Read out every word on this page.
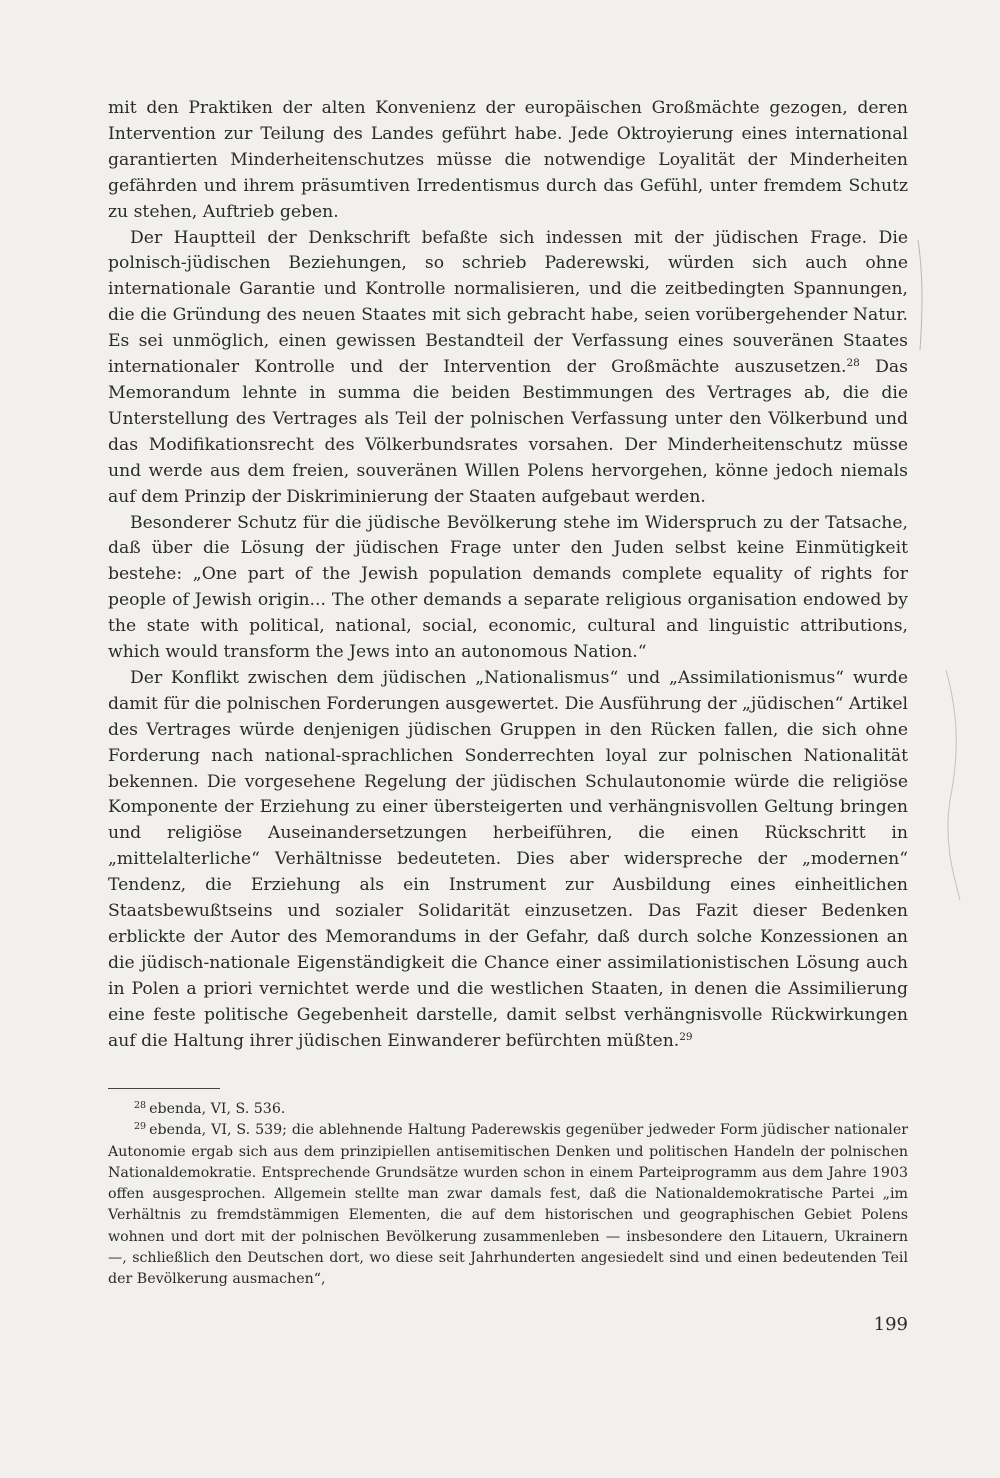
mit den Praktiken der alten Konvenienz der europäischen Großmächte gezogen, deren Intervention zur Teilung des Landes geführt habe. Jede Oktroyierung eines international garantierten Minderheitenschutzes müsse die notwendige Loyalität der Minderheiten gefährden und ihrem präsumtiven Irredentismus durch das Gefühl, unter fremdem Schutz zu stehen, Auftrieb geben.

Der Hauptteil der Denkschrift befaßte sich indessen mit der jüdischen Frage. Die polnisch-jüdischen Beziehungen, so schrieb Paderewski, würden sich auch ohne internationale Garantie und Kontrolle normalisieren, und die zeitbedingten Spannungen, die die Gründung des neuen Staates mit sich gebracht habe, seien vorübergehender Natur. Es sei unmöglich, einen gewissen Bestandteil der Verfassung eines souveränen Staates internationaler Kontrolle und der Intervention der Großmächte auszusetzen.$^{28}$ Das Memorandum lehnte in summa die beiden Bestimmungen des Vertrages ab, die die Unterstellung des Vertrages als Teil der polnischen Verfassung unter den Völkerbund und das Modifikationsrecht des Völkerbundsrates vorsahen. Der Minderheitenschutz müsse und werde aus dem freien, souveränen Willen Polens hervorgehen, könne jedoch niemals auf dem Prinzip der Diskriminierung der Staaten aufgebaut werden.

Besonderer Schutz für die jüdische Bevölkerung stehe im Widerspruch zu der Tatsache, daß über die Lösung der jüdischen Frage unter den Juden selbst keine Einmütigkeit bestehe: „One part of the Jewish population demands complete equality of rights for people of Jewish origin... The other demands a separate religious organisation endowed by the state with political, national, social, economic, cultural and linguistic attributions, which would transform the Jews into an autonomous Nation.“

Der Konflikt zwischen dem jüdischen „Nationalismus“ und „Assimilationismus“ wurde damit für die polnischen Forderungen ausgewertet. Die Ausführung der „jüdischen“ Artikel des Vertrages würde denjenigen jüdischen Gruppen in den Rücken fallen, die sich ohne Forderung nach national-sprachlichen Sonderrechten loyal zur polnischen Nationalität bekennen. Die vorgesehene Regelung der jüdischen Schulautonomie würde die religiöse Komponente der Erziehung zu einer übersteigerten und verhängnisvollen Geltung bringen und religiöse Auseinandersetzungen herbeiführen, die einen Rückschritt in „mittelalterliche“ Verhältnisse bedeuteten. Dies aber widerspreche der „modernen“ Tendenz, die Erziehung als ein Instrument zur Ausbildung eines einheitlichen Staatsbewußtseins und sozialer Solidarität einzusetzen. Das Fazit dieser Bedenken erblickte der Autor des Memorandums in der Gefahr, daß durch solche Konzessionen an die jüdisch-nationale Eigenständigkeit die Chance einer assimilationistischen Lösung auch in Polen a priori vernichtet werde und die westlichen Staaten, in denen die Assimilierung eine feste politische Gegebenheit darstelle, damit selbst verhängnisvolle Rückwirkungen auf die Haltung ihrer jüdischen Einwanderer befürchten müßten.$^{29}$

$^{28}$ ebenda, VI, S. 536.

$^{29}$ ebenda, VI, S. 539; die ablehnende Haltung Paderewskis gegenüber jedweder Form jüdischer nationaler Autonomie ergab sich aus dem prinzipiellen antisemitischen Denken und politischen Handeln der polnischen Nationaldemokratie. Entsprechende Grundsätze wurden schon in einem Parteiprogramm aus dem Jahre 1903 offen ausgesprochen. Allgemein stellte man zwar damals fest, daß die Nationaldemokratische Partei „im Verhältnis zu fremdstämmigen Elementen, die auf dem historischen und geographischen Gebiet Polens wohnen und dort mit der polnischen Bevölkerung zusammenleben — insbesondere den Litauern, Ukrainern —, schließlich den Deutschen dort, wo diese seit Jahrhunderten angesiedelt sind und einen bedeutenden Teil der Bevölkerung ausmachen“,

199
